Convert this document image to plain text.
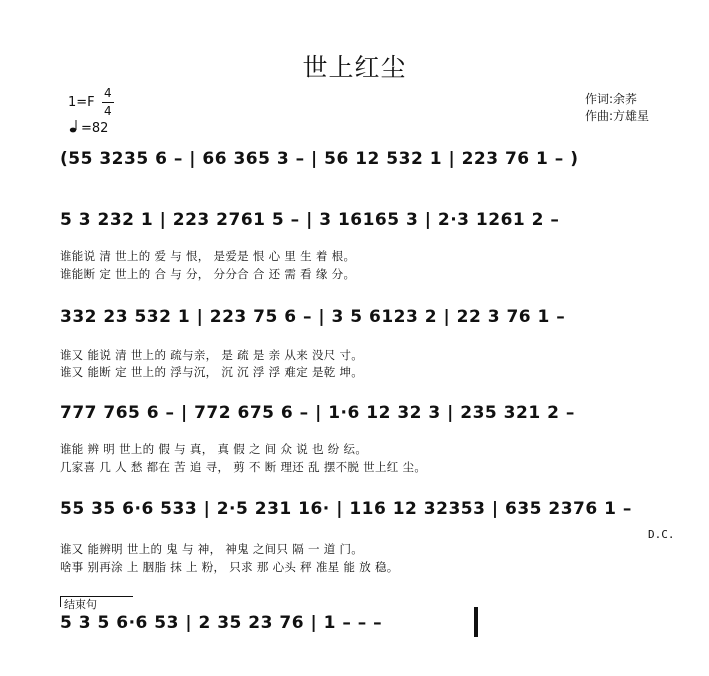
世上红尘
1=F
4
4
=82
作词:余荞
作曲:方雄星
(55 3235 6 – | 66 365 3 – | 56 12 532 1 | 223 76 1 – )
5 3 232 1 | 223 2761 5 – | 3 16165 3 | 2·3 1261 2 –
谁能说 清 世上的 爱 与 恨， 是爱是 恨 心 里 生 着 根。
谁能断 定 世上的 合 与 分， 分分合 合 还 需 看 缘 分。
332 23 532 1 | 223 75 6 – | 3 5 6123 2 | 22 3 76 1 –
谁又 能说 清 世上的 疏与亲， 是 疏 是 亲 从来 没尺 寸。
谁又 能断 定 世上的 浮与沉， 沉 沉 浮 浮 难定 是乾 坤。
777 765 6 – | 772 675 6 – | 1·6 12 32 3 | 235 321 2 –
谁能 辨 明 世上的 假 与 真， 真 假 之 间 众 说 也 纷 纭。
几家喜 几 人 愁 都在 苦 追 寻， 剪 不 断 理还 乱 摆不脱 世上红 尘。
55 35 6·6 533 | 2·5 231 16· | 116 12 32353 | 635 2376 1 –
谁又 能辨明 世上的 鬼 与 神， 神鬼 之间只 隔 一 道 门。
啥事 别再涂 上 胭脂 抹 上 粉， 只求 那 心头 秤 准星 能 放 稳。
D.C.
结束句
5 3 5 6·6 53 | 2 35 23 76 | 1 – – –
